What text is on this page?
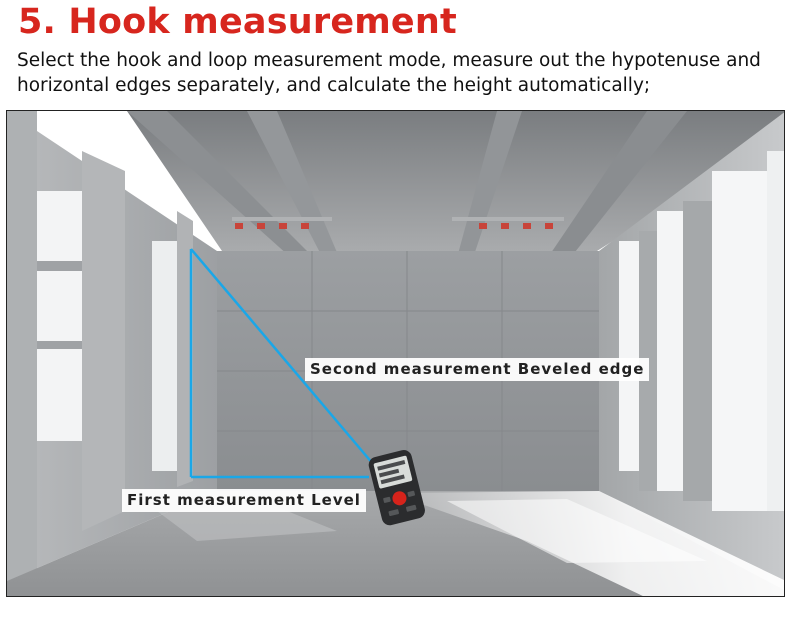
5. Hook measurement
Select the hook and loop measurement mode, measure out the hypotenuse and horizontal edges separately, and calculate the height automatically;
Second measurement Beveled edge
First measurement Level
